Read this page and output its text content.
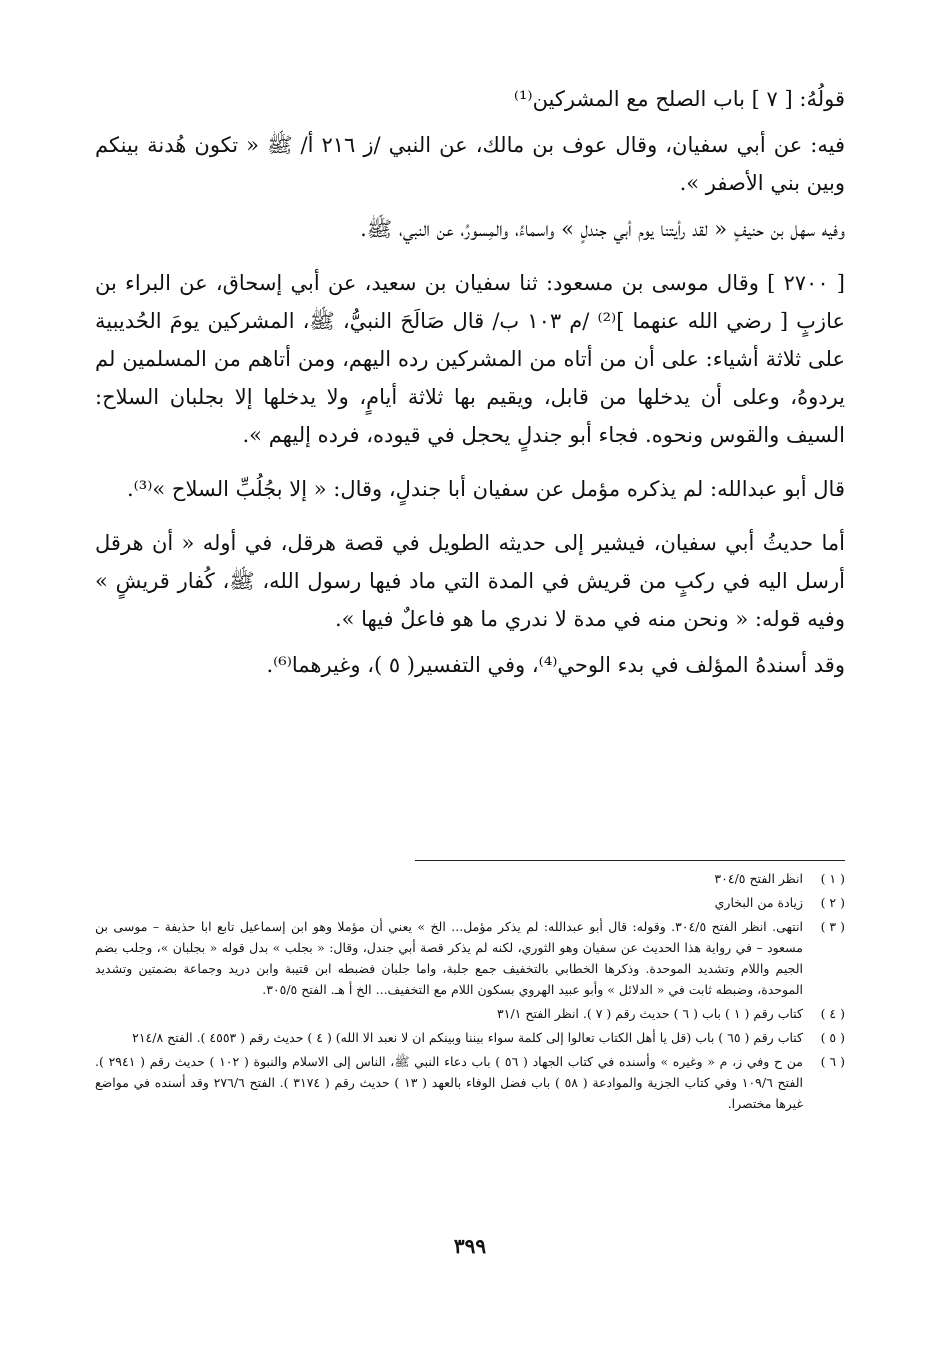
قولُهُ: [ ٧ ] باب الصلح مع المشركين⁽¹⁾

فيه: عن أبي سفيان، وقال عوف بن مالك، عن النبي /ز ٢١٦ أ/ ﷺ « تكون هُدنة بينكم وبين بني الأصفر ».

وفيه سهل بن حنيفٍ « لقد رأيتنا يوم أبي جندلٍ » واسماءُ، والمِسورُ، عن النبي، ﷺ.

[ ٢٧٠٠ ] وقال موسى بن مسعود: ثنا سفيان بن سعيد، عن أبي إسحاق، عن البراء بن عازبٍ [ رضي الله عنهما ]⁽²⁾ /م ١٠٣ ب/ قال صَالَحَ النبيُّ، ﷺ، المشركين يومَ الحُديبية على ثلاثة أشياء: على أن من أتاه من المشركين رده اليهم، ومن أتاهم من المسلمين لم يردوهُ، وعلى أن يدخلها من قابل، ويقيم بها ثلاثة أيامٍ، ولا يدخلها إلا بجلبان السلاح: السيف والقوس ونحوه. فجاء أبو جندلٍ يحجل في قيوده، فرده إليهم ».

قال أبو عبدالله: لم يذكره مؤمل عن سفيان أبا جندلٍ، وقال: « إلا بجُلُبِّ السلاح »⁽³⁾.

أما حديثُ أبي سفيان، فيشير إلى حديثه الطويل في قصة هرقل، في أوله « أن هرقل أرسل اليه في ركبٍ من قريش في المدة التي ماد فيها رسول الله، ﷺ، كُفار قريشٍ » وفيه قوله: « ونحن منه في مدة لا ندري ما هو فاعلٌ فيها ».

وقد أسندهُ المؤلف في بدء الوحي⁽⁴⁾، وفي التفسير( ٥ )، وغيرهما⁽⁶⁾.

( ١ )
انظر الفتح ٣٠٤/٥
( ٢ )
زيادة من البخاري
( ٣ )
انتهى. انظر الفتح ٣٠٤/٥. وقوله: قال أبو عبدالله: لم يذكر مؤمل... الخ » يعني أن مؤملا وهو ابن إسماعيل تابع ابا حذيفة – موسى بن مسعود – في رواية هذا الحديث عن سفيان وهو الثوري، لكنه لم يذكر قصة أبي جندل، وقال: « بجلب » بدل قوله « بجلبان »، وجلب بضم الجيم واللام وتشديد الموحدة. وذكرها الخطابي بالتخفيف جمع جلبة، واما جلبان فضبطه ابن قتيبة وابن دريد وجماعة بضمتين وتشديد الموحدة، وضبطه ثابت في « الدلائل » وأبو عبيد الهروي بسكون اللام مع التخفيف... الخ أ هـ. الفتح ٣٠٥/٥.
( ٤ )
كتاب رقم ( ١ ) باب ( ٦ ) حديث رقم ( ٧ ). انظر الفتح ٣١/١
( ٥ )
كتاب رقم ( ٦٥ ) باب (قل يا أهل الكتاب تعالوا إلى كلمة سواء بيننا وبينكم ان لا نعبد الا الله) ( ٤ ) حديث رقم ( ٤٥٥٣ ). الفتح ٢١٤/٨
( ٦ )
من ح وفي ز، م « وغيره » وأسنده في كتاب الجهاد ( ٥٦ ) باب دعاء النبي ﷺ، الناس إلى الاسلام والنبوة ( ١٠٢ ) حديث رقم ( ٢٩٤١ ). الفتح ١٠٩/٦ وفي كتاب الجزية والموادعة ( ٥٨ ) باب فضل الوفاء بالعهد ( ١٣ ) حديث رقم ( ٣١٧٤ ). الفتح ٢٧٦/٦ وقد أسنده في مواضع غيرها مختصرا.
٣٩٩
